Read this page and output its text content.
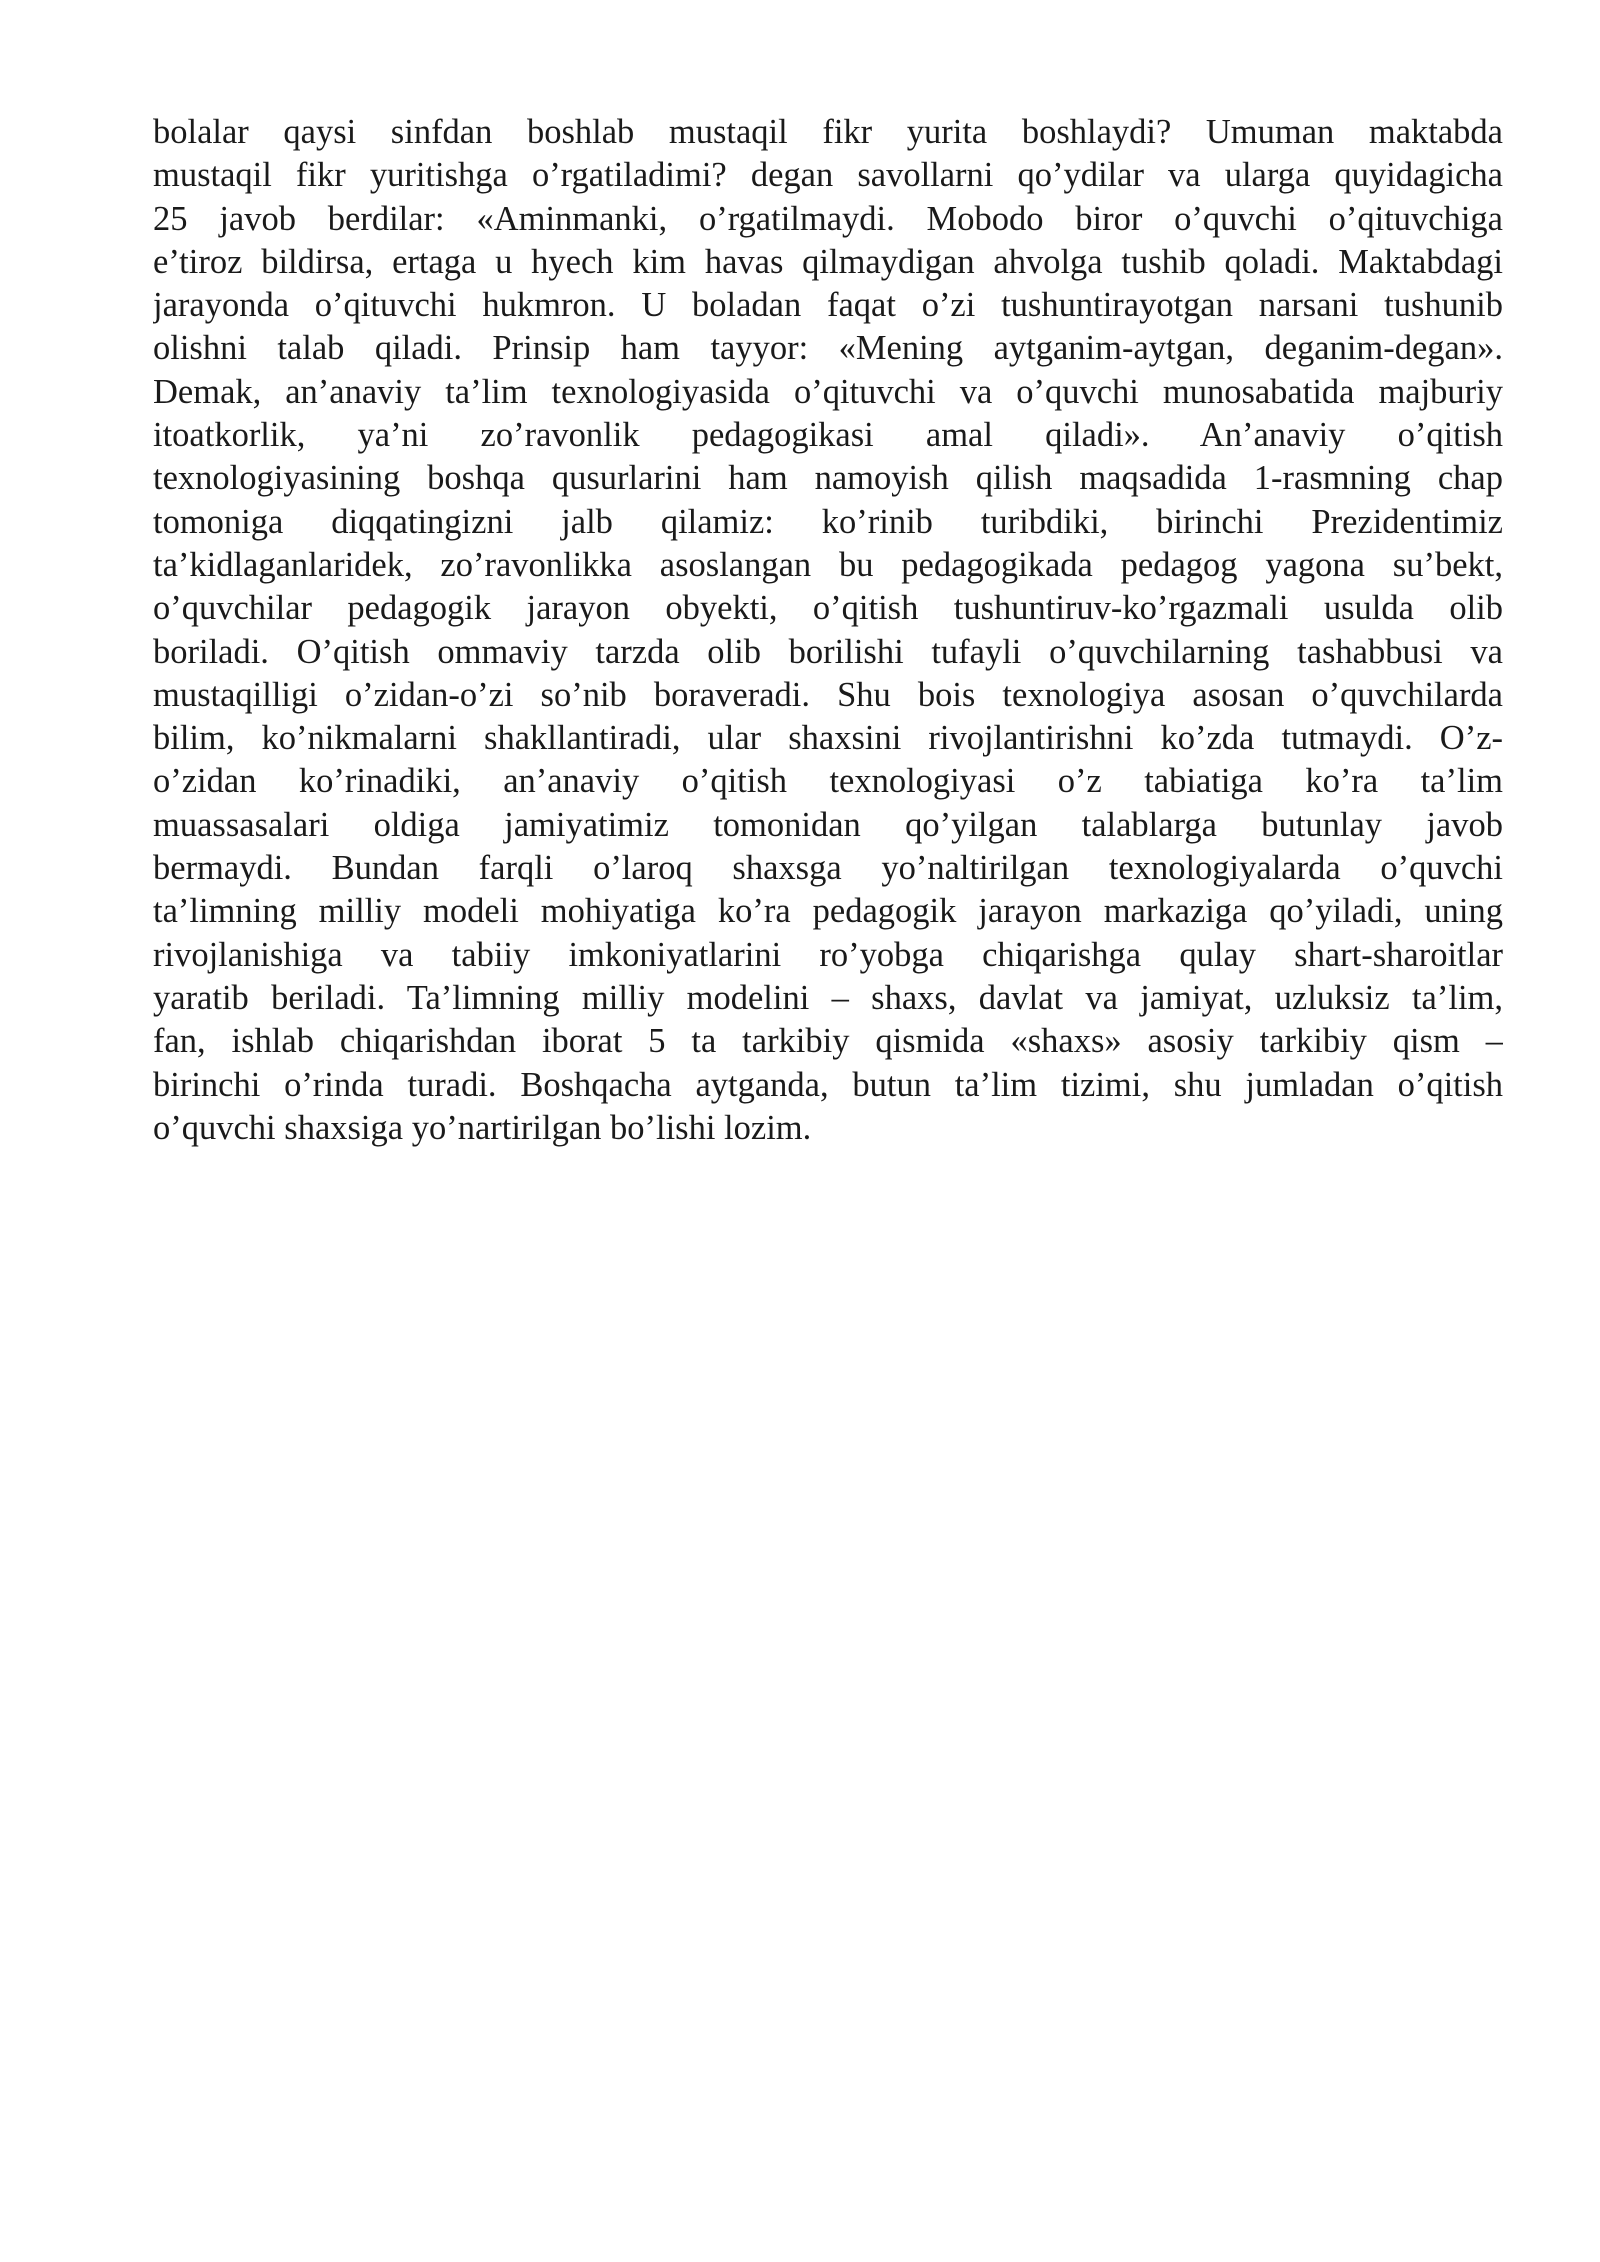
bolalar qaysi sinfdan boshlab mustaqil fikr yurita boshlaydi? Umuman maktabda
mustaqil fikr yuritishga o’rgatiladimi? degan savollarni qo’ydilar va ularga quyidagicha
25 javob berdilar: «Aminmanki, o’rgatilmaydi. Mobodo biror o’quvchi o’qituvchiga
e’tiroz bildirsa, ertaga u hyech kim havas qilmaydigan ahvolga tushib qoladi. Maktabdagi
jarayonda o’qituvchi hukmron. U boladan faqat o’zi tushuntirayotgan narsani tushunib
olishni talab qiladi. Prinsip ham tayyor: «Mening aytganim-aytgan, deganim-degan».
Demak, an’anaviy ta’lim texnologiyasida o’qituvchi va o’quvchi munosabatida majburiy
itoatkorlik, ya’ni zo’ravonlik pedagogikasi amal qiladi». An’anaviy o’qitish
texnologiyasining boshqa qusurlarini ham namoyish qilish maqsadida 1-rasmning chap
tomoniga diqqatingizni jalb qilamiz: ko’rinib turibdiki, birinchi Prezidentimiz
ta’kidlaganlaridek, zo’ravonlikka asoslangan bu pedagogikada pedagog yagona su’bekt,
o’quvchilar pedagogik jarayon obyekti, o’qitish tushuntiruv-ko’rgazmali usulda olib
boriladi. O’qitish ommaviy tarzda olib borilishi tufayli o’quvchilarning tashabbusi va
mustaqilligi o’zidan-o’zi so’nib boraveradi. Shu bois texnologiya asosan o’quvchilarda
bilim, ko’nikmalarni shakllantiradi, ular shaxsini rivojlantirishni ko’zda tutmaydi. O’z-
o’zidan ko’rinadiki, an’anaviy o’qitish texnologiyasi o’z tabiatiga ko’ra ta’lim
muassasalari oldiga jamiyatimiz tomonidan qo’yilgan talablarga butunlay javob
bermaydi. Bundan farqli o’laroq shaxsga yo’naltirilgan texnologiyalarda o’quvchi
ta’limning milliy modeli mohiyatiga ko’ra pedagogik jarayon markaziga qo’yiladi, uning
rivojlanishiga va tabiiy imkoniyatlarini ro’yobga chiqarishga qulay shart-sharoitlar
yaratib beriladi. Ta’limning milliy modelini – shaxs, davlat va jamiyat, uzluksiz ta’lim,
fan, ishlab chiqarishdan iborat 5 ta tarkibiy qismida «shaxs» asosiy tarkibiy qism –
birinchi o’rinda turadi. Boshqacha aytganda, butun ta’lim tizimi, shu jumladan o’qitish
o’quvchi shaxsiga yo’nartirilgan bo’lishi lozim.
